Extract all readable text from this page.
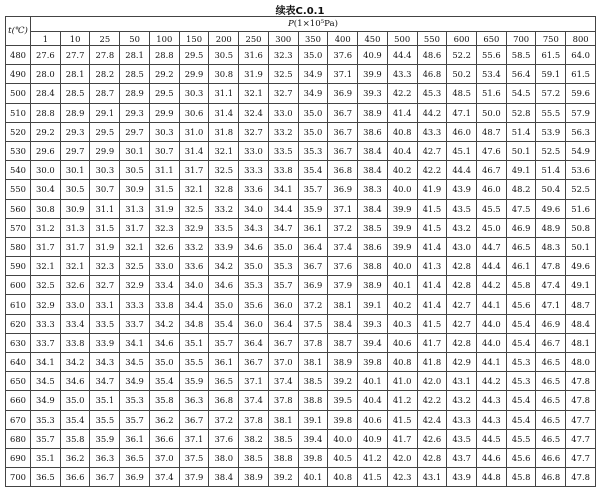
续表C.0.1
t(℃)	P(1×10⁵Pa)																		
	1	10	25	50	100	150	200	250	300	350	400	450	500	550	600	650	700	750	800
480	27.6	27.7	27.8	28.1	28.8	29.5	30.5	31.6	32.3	35.0	37.6	40.9	44.4	48.6	52.2	55.6	58.5	61.5	64.0
490	28.0	28.1	28.2	28.5	29.2	29.9	30.8	31.9	32.5	34.9	37.1	39.9	43.3	46.8	50.2	53.4	56.4	59.1	61.5
500	28.4	28.5	28.7	28.9	29.5	30.3	31.1	32.1	32.7	34.9	36.9	39.3	42.2	45.3	48.5	51.6	54.5	57.2	59.6
510	28.8	28.9	29.1	29.3	29.9	30.6	31.4	32.4	33.0	35.0	36.7	38.9	41.4	44.2	47.1	50.0	52.8	55.5	57.9
520	29.2	29.3	29.5	29.7	30.3	31.0	31.8	32.7	33.2	35.0	36.7	38.6	40.8	43.3	46.0	48.7	51.4	53.9	56.3
530	29.6	29.7	29.9	30.1	30.7	31.4	32.1	33.0	33.5	35.3	36.7	38.4	40.4	42.7	45.1	47.6	50.1	52.5	54.9
540	30.0	30.1	30.3	30.5	31.1	31.7	32.5	33.3	33.8	35.4	36.8	38.4	40.2	42.2	44.4	46.7	49.1	51.4	53.6
550	30.4	30.5	30.7	30.9	31.5	32.1	32.8	33.6	34.1	35.7	36.9	38.3	40.0	41.9	43.9	46.0	48.2	50.4	52.5
560	30.8	30.9	31.1	31.3	31.9	32.5	33.2	34.0	34.4	35.9	37.1	38.4	39.9	41.5	43.5	45.5	47.5	49.6	51.6
570	31.2	31.3	31.5	31.7	32.3	32.9	33.5	34.3	34.7	36.1	37.2	38.5	39.9	41.5	43.2	45.0	46.9	48.9	50.8
580	31.7	31.7	31.9	32.1	32.6	33.2	33.9	34.6	35.0	36.4	37.4	38.6	39.9	41.4	43.0	44.7	46.5	48.3	50.1
590	32.1	32.1	32.3	32.5	33.0	33.6	34.2	35.0	35.3	36.7	37.6	38.8	40.0	41.3	42.8	44.4	46.1	47.8	49.6
600	32.5	32.6	32.7	32.9	33.4	34.0	34.6	35.3	35.7	36.9	37.9	38.9	40.1	41.4	42.8	44.2	45.8	47.4	49.1
610	32.9	33.0	33.1	33.3	33.8	34.4	35.0	35.6	36.0	37.2	38.1	39.1	40.2	41.4	42.7	44.1	45.6	47.1	48.7
620	33.3	33.4	33.5	33.7	34.2	34.8	35.4	36.0	36.4	37.5	38.4	39.3	40.3	41.5	42.7	44.0	45.4	46.9	48.4
630	33.7	33.8	33.9	34.1	34.6	35.1	35.7	36.4	36.7	37.8	38.7	39.4	40.6	41.7	42.8	44.0	45.4	46.7	48.1
640	34.1	34.2	34.3	34.5	35.0	35.5	36.1	36.7	37.0	38.1	38.9	39.8	40.8	41.8	42.9	44.1	45.3	46.5	48.0
650	34.5	34.6	34.7	34.9	35.4	35.9	36.5	37.1	37.4	38.5	39.2	40.1	41.0	42.0	43.1	44.2	45.3	46.5	47.8
660	34.9	35.0	35.1	35.3	35.8	36.3	36.8	37.4	37.8	38.8	39.5	40.4	41.2	42.2	43.2	44.3	45.4	46.5	47.8
670	35.3	35.4	35.5	35.7	36.2	36.7	37.2	37.8	38.1	39.1	39.8	40.6	41.5	42.4	43.3	44.3	45.4	46.5	47.7
680	35.7	35.8	35.9	36.1	36.6	37.1	37.6	38.2	38.5	39.4	40.0	40.9	41.7	42.6	43.5	44.5	45.5	46.5	47.7
690	35.1	36.2	36.3	36.5	37.0	37.5	38.0	38.5	38.8	39.8	40.5	41.2	42.0	42.8	43.7	44.6	45.6	46.6	47.7
700	36.5	36.6	36.7	36.9	37.4	37.9	38.4	38.9	39.2	40.1	40.8	41.5	42.3	43.1	43.9	44.8	45.8	46.8	47.8
